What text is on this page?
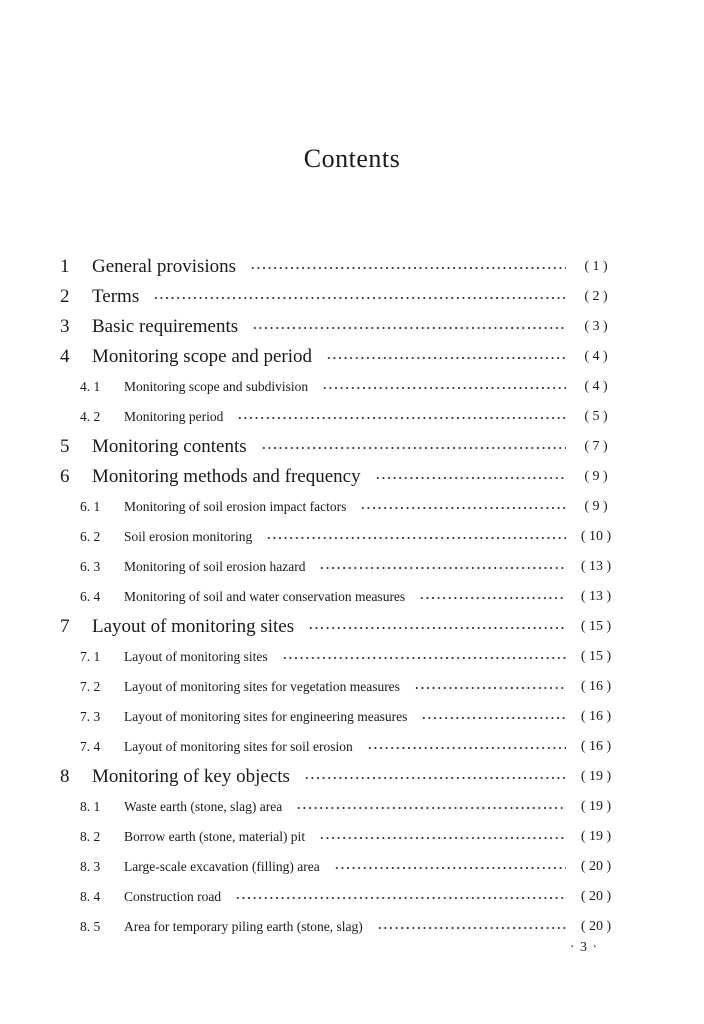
Contents
1 General provisions	( 1 )
2 Terms	( 2 )
3 Basic requirements	( 3 )
4 Monitoring scope and period	( 4 )
4. 1 Monitoring scope and subdivision	( 4 )
4. 2 Monitoring period	( 5 )
5 Monitoring contents	( 7 )
6 Monitoring methods and frequency	( 9 )
6. 1 Monitoring of soil erosion impact factors	( 9 )
6. 2 Soil erosion monitoring	( 10 )
6. 3 Monitoring of soil erosion hazard	( 13 )
6. 4 Monitoring of soil and water conservation measures	( 13 )
7 Layout of monitoring sites	( 15 )
7. 1 Layout of monitoring sites	( 15 )
7. 2 Layout of monitoring sites for vegetation measures	( 16 )
7. 3 Layout of monitoring sites for engineering measures	( 16 )
7. 4 Layout of monitoring sites for soil erosion	( 16 )
8 Monitoring of key objects	( 19 )
8. 1 Waste earth (stone, slag) area	( 19 )
8. 2 Borrow earth (stone, material) pit	( 19 )
8. 3 Large-scale excavation (filling) area	( 20 )
8. 4 Construction road	( 20 )
8. 5 Area for temporary piling earth (stone, slag)	( 20 )
· 3 ·
